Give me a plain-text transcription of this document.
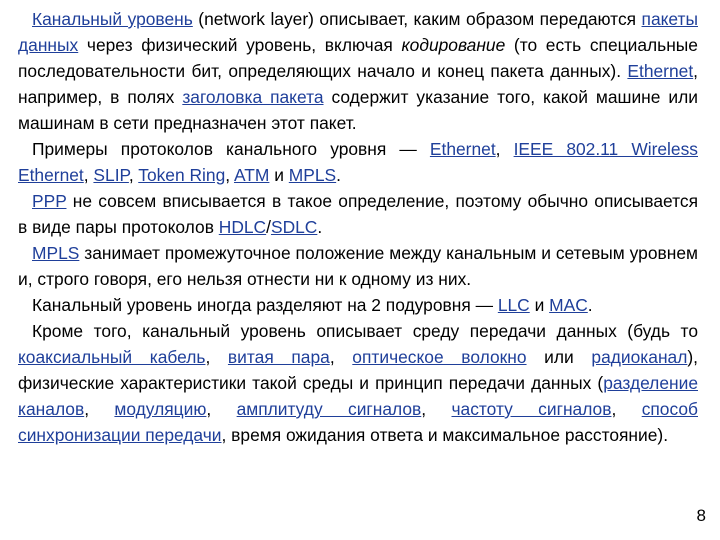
Канальный уровень (network layer) описывает, каким образом передаются пакеты данных через физический уровень, включая кодирование (то есть специальные последовательности бит, определяющих начало и конец пакета данных). Ethernet, например, в полях заголовка пакета содержит указание того, какой машине или машинам в сети предназначен этот пакет.

Примеры протоколов канального уровня — Ethernet, IEEE 802.11 Wireless Ethernet, SLIP, Token Ring, ATM и MPLS.

PPP не совсем вписывается в такое определение, поэтому обычно описывается в виде пары протоколов HDLC/SDLC.

MPLS занимает промежуточное положение между канальным и сетевым уровнем и, строго говоря, его нельзя отнести ни к одному из них.

Канальный уровень иногда разделяют на 2 подуровня — LLC и MAC.

Кроме того, канальный уровень описывает среду передачи данных (будь то коаксиальный кабель, витая пара, оптическое волокно или радиоканал), физические характеристики такой среды и принцип передачи данных (разделение каналов, модуляцию, амплитуду сигналов, частоту сигналов, способ синхронизации передачи, время ожидания ответа и максимальное расстояние).

8
